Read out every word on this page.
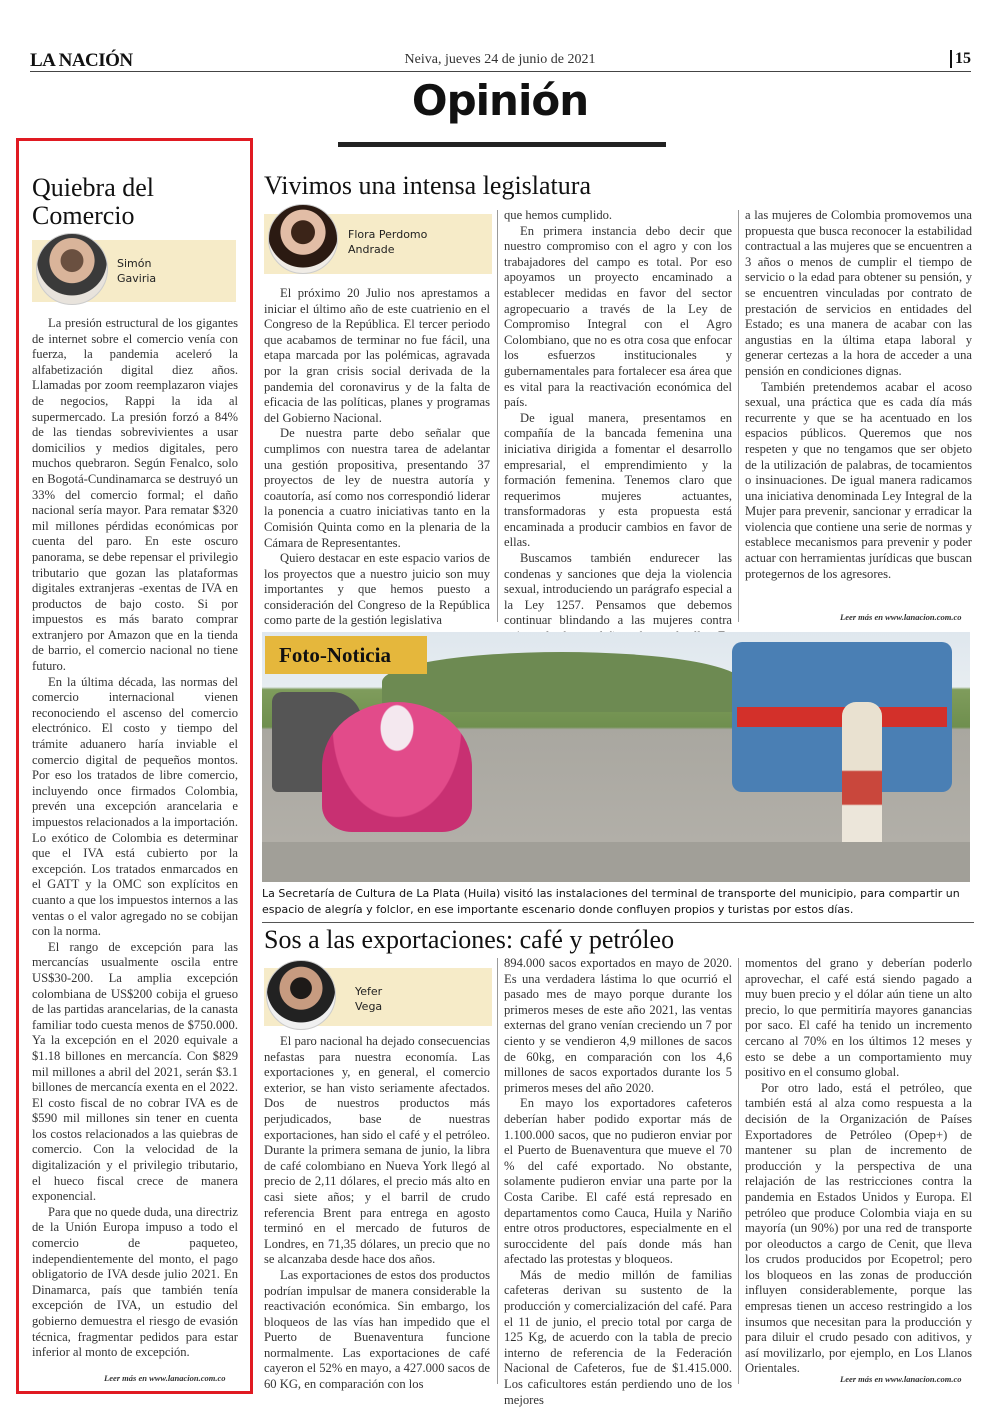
LA NACIÓN	Neiva, jueves 24 de junio de 2021	15
Opinión
Quiebra del
Comercio
Simón
Gaviria

La presión estructural de los gigantes de internet sobre el comercio venía con fuerza, la pandemia aceleró la alfabetización digital diez años. Llamadas por zoom reemplazaron viajes de negocios, Rappi la ida al supermercado. La presión forzó a 84% de las tiendas sobrevivientes a usar domicilios y medios digitales, pero muchos quebraron. Según Fenalco, solo en Bogotá-Cundinamarca se destruyó un 33% del comercio formal; el daño nacional sería mayor. Para rematar $320 mil millones pérdidas económicas por cuenta del paro. En este oscuro panorama, se debe repensar el privilegio tributario que gozan las plataformas digitales extranjeras -exentas de IVA en productos de bajo costo. Si por impuestos es más barato comprar extranjero por Amazon que en la tienda de barrio, el comercio nacional no tiene futuro.

En la última década, las normas del comercio internacional vienen reconociendo el ascenso del comercio electrónico. El costo y tiempo del trámite aduanero haría inviable el comercio digital de pequeños montos. Por eso los tratados de libre comercio, incluyendo once firmados Colombia, prevén una excepción arancelaria e impuestos relacionados a la importación. Lo exótico de Colombia es determinar que el IVA está cubierto por la excepción. Los tratados enmarcados en el GATT y la OMC son explícitos en cuanto a que los impuestos internos a las ventas o el valor agregado no se cobijan con la norma.

El rango de excepción para las mercancías usualmente oscila entre US$30-200. La amplia excepción colombiana de US$200 cobija el grueso de las partidas arancelarias, de la canasta familiar todo cuesta menos de $750.000. Ya la excepción en el 2020 equivale a $1.18 billones en mercancía. Con $829 mil millones a abril del 2021, serán $3.1 billones de mercancía exenta en el 2022. El costo fiscal de no cobrar IVA es de $590 mil millones sin tener en cuenta los costos relacionados a las quiebras de comercio. Con la velocidad de la digitalización y el privilegio tributario, el hueco fiscal crece de manera exponencial.

Para que no quede duda, una directriz de la Unión Europa impuso a todo el comercio de paqueteo, independientemente del monto, el pago obligatorio de IVA desde julio 2021. En Dinamarca, país que también tenía excepción de IVA, un estudio del gobierno demuestra el riesgo de evasión técnica, fragmentar pedidos para estar inferior al monto de excepción.

Leer más en www.lanacion.com.co
Vivimos una intensa legislatura
Flora Perdomo
Andrade

El próximo 20 Julio nos aprestamos a iniciar el último año de este cuatrienio en el Congreso de la República. El tercer periodo que acabamos de terminar no fue fácil, una etapa marcada por las polémicas, agravada por la gran crisis social derivada de la pandemia del coronavirus y de la falta de eficacia de las políticas, planes y programas del Gobierno Nacional.

De nuestra parte debo señalar que cumplimos con nuestra tarea de adelantar una gestión propositiva, presentando 37 proyectos de ley de nuestra autoría y coautoría, así como nos correspondió liderar la ponencia a cuatro iniciativas tanto en la Comisión Quinta como en la plenaria de la Cámara de Representantes.

Quiero destacar en este espacio varios de los proyectos que a nuestro juicio son muy importantes y que hemos puesto a consideración del Congreso de la República como parte de la gestión legislativa

que hemos cumplido.

En primera instancia debo decir que nuestro compromiso con el agro y con los trabajadores del campo es total. Por eso apoyamos un proyecto encaminado a establecer medidas en favor del sector agropecuario a través de la Ley de Compromiso Integral con el Agro Colombiano, que no es otra cosa que enfocar los esfuerzos institucionales y gubernamentales para fortalecer esa área que es vital para la reactivación económica del país.

De igual manera, presentamos en compañía de la bancada femenina una iniciativa dirigida a fomentar el desarrollo empresarial, el emprendimiento y la formación femenina. Tenemos claro que requerimos mujeres actuantes, transformadoras y esta propuesta está encaminada a producir cambios en favor de ellas.

Buscamos también endurecer las condenas y sanciones que deja la violencia sexual, introduciendo un parágrafo especial a la Ley 1257. Pensamos que debemos continuar blindando a las mujeres contra

a las mujeres de Colombia promovemos una propuesta que busca reconocer la estabilidad contractual a las mujeres que se encuentren a 3 años o menos de cumplir el tiempo de servicio o la edad para obtener su pensión, y se encuentren vinculadas por contrato de prestación de servicios en entidades del Estado; es una manera de acabar con las angustias en la última etapa laboral y generar certezas a la hora de acceder a una pensión en condiciones dignas.

También pretendemos acabar el acoso sexual, una práctica que es cada día más recurrente y que se ha acentuado en los espacios públicos. Queremos que nos respeten y que no tengamos que ser objeto de la utilización de palabras, de tocamientos o insinuaciones. De igual manera radicamos una iniciativa denominada Ley Integral de la Mujer para prevenir, sancionar y erradicar la violencia que contiene una serie de normas y establece mecanismos para prevenir y poder actuar con herramientas jurídicas que buscan protegernos de los agresores.

Leer más en www.lanacion.com.co
Foto-Noticia
La Secretaría de Cultura de La Plata (Huila) visitó las instalaciones del terminal de transporte del municipio, para compartir un espacio de alegría y folclor, en ese importante escenario donde confluyen propios y turistas por estos días.
Sos a las exportaciones: café y petróleo
Yefer
Vega

El paro nacional ha dejado consecuencias nefastas para nuestra economía. Las exportaciones y, en general, el comercio exterior, se han visto seriamente afectados. Dos de nuestros productos más perjudicados, base de nuestras exportaciones, han sido el café y el petróleo. Durante la primera semana de junio, la libra de café colombiano en Nueva York llegó al precio de 2,11 dólares, el precio más alto en casi siete años; y el barril de crudo referencia Brent para entrega en agosto terminó en el mercado de futuros de Londres, en 71,35 dólares, un precio que no se alcanzaba desde hace dos años.

Las exportaciones de estos dos productos podrían impulsar de manera considerable la reactivación económica. Sin embargo, los bloqueos de las vías han impedido que el Puerto de Buenaventura funcione normalmente. Las exportaciones de café cayeron el 52% en mayo, a 427.000 sacos de 60 KG, en comparación con los

894.000 sacos exportados en mayo de 2020. Es una verdadera lástima lo que ocurrió el pasado mes de mayo porque durante los primeros meses de este año 2021, las ventas externas del grano venían creciendo un 7 por ciento y se vendieron 4,9 millones de sacos de 60kg, en comparación con los 4,6 millones de sacos exportados durante los 5 primeros meses del año 2020.

En mayo los exportadores cafeteros deberían haber podido exportar más de 1.100.000 sacos, que no pudieron enviar por el Puerto de Buenaventura que mueve el 70 % del café exportado. No obstante, solamente pudieron enviar una parte por la Costa Caribe. El café está represado en departamentos como Cauca, Huila y Nariño entre otros productores, especialmente en el suroccidente del país donde más han afectado las protestas y bloqueos.

Más de medio millón de familias cafeteras derivan su sustento de la producción y comercialización del café. Para el 11 de junio, el precio total por carga de 125 Kg, de acuerdo con la tabla de precio interno de referencia de la Federación Nacional de Cafeteros, fue de $1.415.000. Los caficultores están perdiendo uno de los mejores

momentos del grano y deberían poderlo aprovechar, el café está siendo pagado a muy buen precio y el dólar aún tiene un alto precio, lo que permitiría mayores ganancias por saco. El café ha tenido un incremento cercano al 70% en los últimos 12 meses y esto se debe a un comportamiento muy positivo en el consumo global.

Por otro lado, está el petróleo, que también está al alza como respuesta a la decisión de la Organización de Países Exportadores de Petróleo (Opep+) de mantener su plan de incremento de producción y la perspectiva de una relajación de las restricciones contra la pandemia en Estados Unidos y Europa. El petróleo que produce Colombia viaja en su mayoría (un 90%) por una red de transporte por oleoductos a cargo de Cenit, que lleva los crudos producidos por Ecopetrol; pero los bloqueos en las zonas de producción influyen considerablemente, porque las empresas tienen un acceso restringido a los insumos que necesitan para la producción y para diluir el crudo pesado con aditivos, y así movilizarlo, por ejemplo, en Los Llanos Orientales.

Leer más en www.lanacion.com.co
